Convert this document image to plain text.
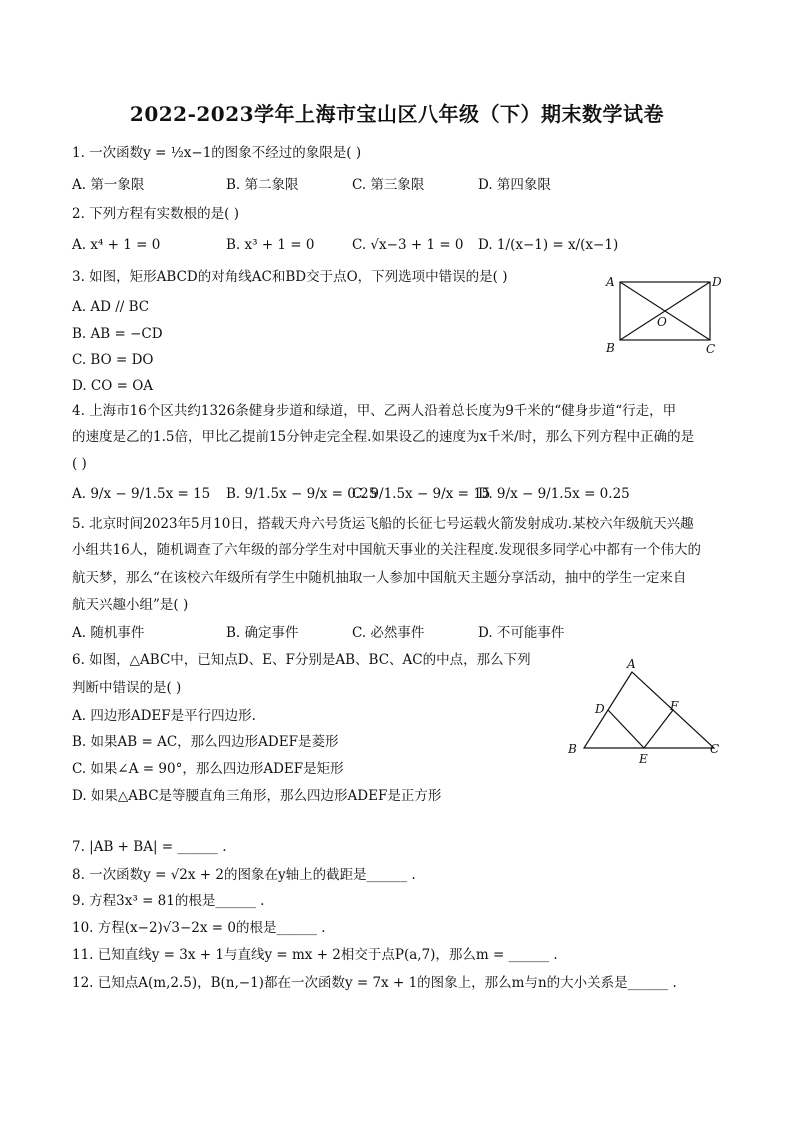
2022-2023学年上海市宝山区八年级（下）期末数学试卷
1. 一次函数y = ½x−1的图象不经过的象限是( )
A. 第一象限	B. 第二象限	C. 第三象限	D. 第四象限
2. 下列方程有实数根的是( )
A. x⁴ + 1 = 0	B. x³ + 1 = 0	C. √x−3 + 1 = 0 D. 1/(x−1) = x/(x−1)
3. 如图，矩形ABCD的对角线AC和BD交于点O，下列选项中错误的是( )
A. AD // BC
B. AB = −CD
C. BO = DO
D. CO = OA
A	D
O
B	C
4. 上海市16个区共约1326条健身步道和绿道，甲、乙两人沿着总长度为9千米的“健身步道“行走，甲
的速度是乙的1.5倍，甲比乙提前15分钟走完全程.如果设乙的速度为x千米/时，那么下列方程中正确的是
( )
A. 9/x − 9/1.5x = 15 B. 9/1.5x − 9/x = 0.25
C. 9/1.5x − 9/x = 15
D. 9/x − 9/1.5x = 0.25
5. 北京时间2023年5月10日，搭载天舟六号货运飞船的长征七号运载火箭发射成功.某校六年级航天兴趣
小组共16人，随机调查了六年级的部分学生对中国航天事业的关注程度.发现很多同学心中都有一个伟大的
航天梦，那么“在该校六年级所有学生中随机抽取一人参加中国航天主题分享活动，抽中的学生一定来自
航天兴趣小组”是( )
A. 随机事件	B. 确定事件	C. 必然事件	D. 不可能事件
6. 如图，△ABC中，已知点D、E、F分别是AB、BC、AC的中点，那么下列
判断中错误的是( )
A. 四边形ADEF是平行四边形.
B. 如果AB = AC，那么四边形ADEF是菱形
C. 如果∠A = 90°，那么四边形ADEF是矩形
D. 如果△ABC是等腰直角三角形，那么四边形ADEF是正方形
A
D	F
B
E
C
7. |AB + BA| = ______ .
8. 一次函数y = √2x + 2的图象在y轴上的截距是______ .
9. 方程3x³ = 81的根是______ .
10. 方程(x−2)√3−2x = 0的根是______ .
11. 已知直线y = 3x + 1与直线y = mx + 2相交于点P(a,7)，那么m = ______ .
12. 已知点A(m,2.5)，B(n,−1)都在一次函数y = 7x + 1的图象上，那么m与n的大小关系是______ .
